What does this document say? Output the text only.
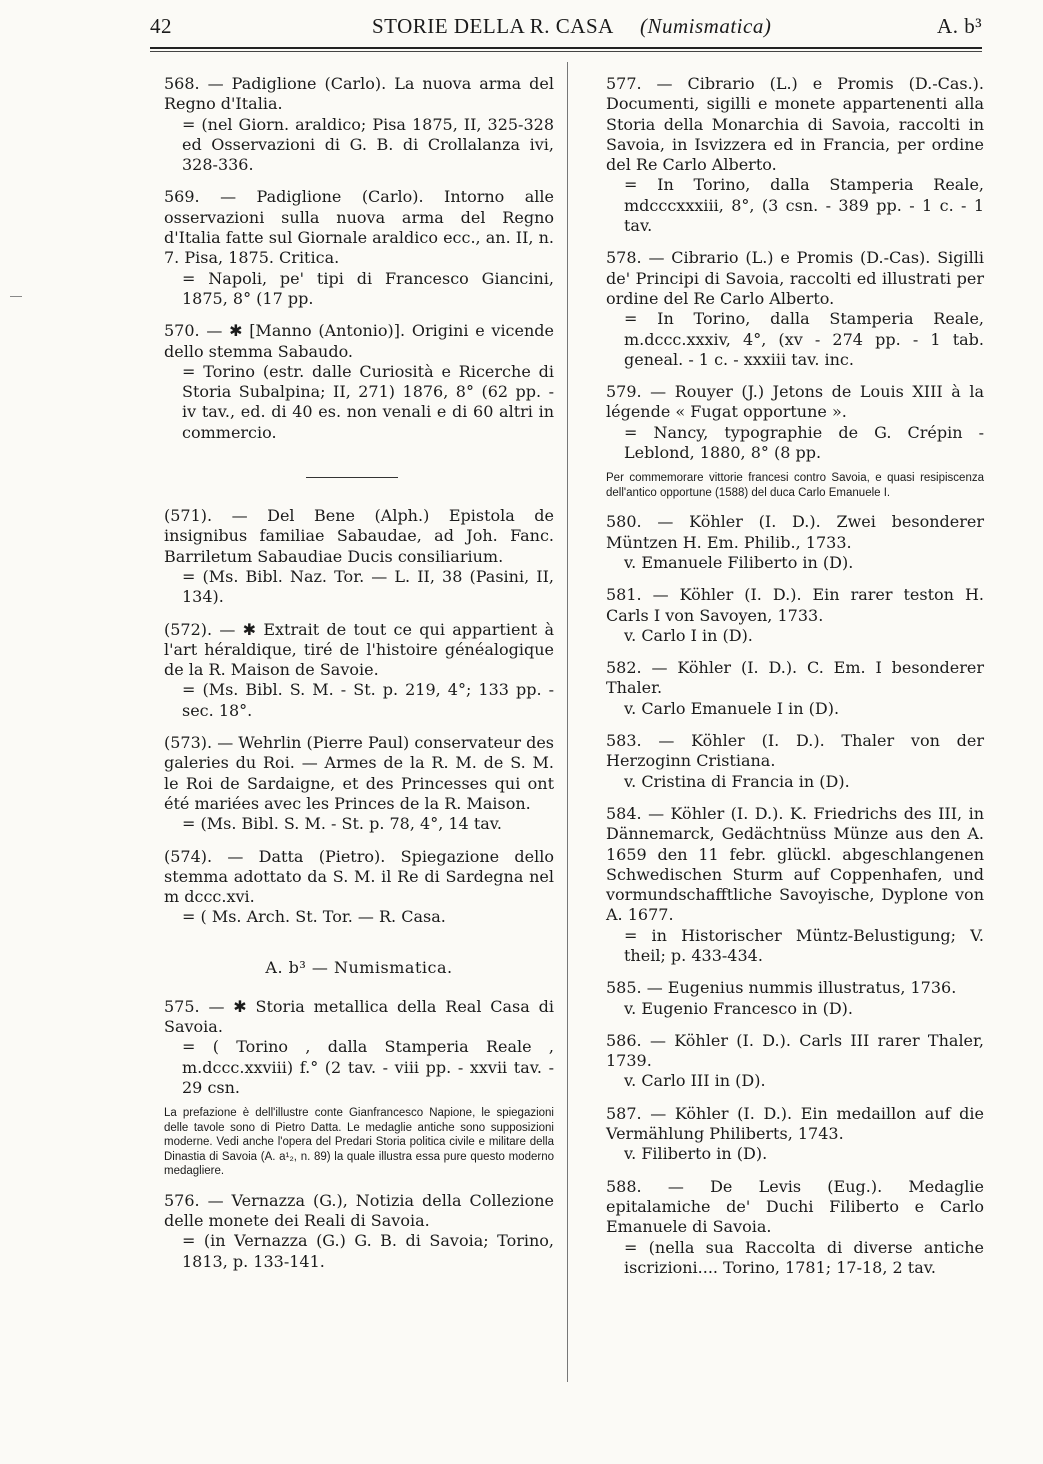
42	STORIE DELLA R. CASA (Numismatica)	A. b³

568. — Padiglione (Carlo). La nuova arma del Regno d'Italia.

= (nel Giorn. araldico; Pisa 1875, II, 325-328 ed Osservazioni di G. B. di Crollalanza ivi, 328-336.

569. — Padiglione (Carlo). Intorno alle osservazioni sulla nuova arma del Regno d'Italia fatte sul Giornale araldico ecc., an. II, n. 7. Pisa, 1875. Critica.

= Napoli, pe' tipi di Francesco Giancini, 1875, 8° (17 pp.

570. — ✱ [Manno (Antonio)]. Origini e vicende dello stemma Sabaudo.

= Torino (estr. dalle Curiosità e Ricerche di Storia Subalpina; II, 271) 1876, 8° (62 pp. - iv tav., ed. di 40 es. non venali e di 60 altri in commercio.

(571). — Del Bene (Alph.) Epistola de insignibus familiae Sabaudae, ad Joh. Fanc. Barriletum Sabaudiae Ducis consiliarium.

= (Ms. Bibl. Naz. Tor. — L. II, 38 (Pasini, II, 134).

(572). — ✱ Extrait de tout ce qui appartient à l'art héraldique, tiré de l'histoire généalogique de la R. Maison de Savoie.

= (Ms. Bibl. S. M. - St. p. 219, 4°; 133 pp. - sec. 18°.

(573). — Wehrlin (Pierre Paul) conservateur des galeries du Roi. — Armes de la R. M. de S. M. le Roi de Sardaigne, et des Princesses qui ont été mariées avec les Princes de la R. Maison.

= (Ms. Bibl. S. M. - St. p. 78, 4°, 14 tav.

(574). — Datta (Pietro). Spiegazione dello stemma adottato da S. M. il Re di Sardegna nel m dccc.xvi.

= ( Ms. Arch. St. Tor. — R. Casa.

A. b³ — Numismatica.

575. — ✱ Storia metallica della Real Casa di Savoia.

= ( Torino , dalla Stamperia Reale , m.dccc.xxviii) f.° (2 tav. - viii pp. - xxvii tav. - 29 csn.

La prefazione è dell'illustre conte Gianfrancesco Napione, le spiegazioni delle tavole sono di Pietro Datta. Le medaglie antiche sono supposizioni moderne. Vedi anche l'opera del Predari Storia politica civile e militare della Dinastia di Savoia (A. a¹₂, n. 89) la quale illustra essa pure questo moderno medagliere.

576. — Vernazza (G.), Notizia della Collezione delle monete dei Reali di Savoia.

= (in Vernazza (G.) G. B. di Savoia; Torino, 1813, p. 133-141.

577. — Cibrario (L.) e Promis (D.-Cas.). Documenti, sigilli e monete appartenenti alla Storia della Monarchia di Savoia, raccolti in Savoia, in Isvizzera ed in Francia, per ordine del Re Carlo Alberto.

= In Torino, dalla Stamperia Reale, mdcccxxxiii, 8°, (3 csn. - 389 pp. - 1 c. - 1 tav.

578. — Cibrario (L.) e Promis (D.-Cas). Sigilli de' Principi di Savoia, raccolti ed illustrati per ordine del Re Carlo Alberto.

= In Torino, dalla Stamperia Reale, m.dccc.xxxiv, 4°, (xv - 274 pp. - 1 tab. geneal. - 1 c. - xxxiii tav. inc.

579. — Rouyer (J.) Jetons de Louis XIII à la légende « Fugat opportune ».

= Nancy, typographie de G. Crépin - Leblond, 1880, 8° (8 pp.

Per commemorare vittorie francesi contro Savoia, e quasi resipiscenza dell'antico opportune (1588) del duca Carlo Emanuele I.

580. — Köhler (I. D.). Zwei besonderer Müntzen H. Em. Philib., 1733.

v. Emanuele Filiberto in (D).

581. — Köhler (I. D.). Ein rarer teston H. Carls I von Savoyen, 1733.

v. Carlo I in (D).

582. — Köhler (I. D.). C. Em. I besonderer Thaler.

v. Carlo Emanuele I in (D).

583. — Köhler (I. D.). Thaler von der Herzoginn Cristiana.

v. Cristina di Francia in (D).

584. — Köhler (I. D.). K. Friedrichs des III, in Dännemarck, Gedächtnüss Münze aus den A. 1659 den 11 febr. glückl. abgeschlangenen Schwedischen Sturm auf Coppenhafen, und vormundschafftliche Savoyische, Dyplone von A. 1677.

= in Historischer Müntz-Belustigung; V. theil; p. 433-434.

585. — Eugenius nummis illustratus, 1736.

v. Eugenio Francesco in (D).

586. — Köhler (I. D.). Carls III rarer Thaler, 1739.

v. Carlo III in (D).

587. — Köhler (I. D.). Ein medaillon auf die Vermählung Philiberts, 1743.

v. Filiberto in (D).

588. — De Levis (Eug.). Medaglie epitalamiche de' Duchi Filiberto e Carlo Emanuele di Savoia.

= (nella sua Raccolta di diverse antiche iscrizioni.... Torino, 1781; 17-18, 2 tav.
